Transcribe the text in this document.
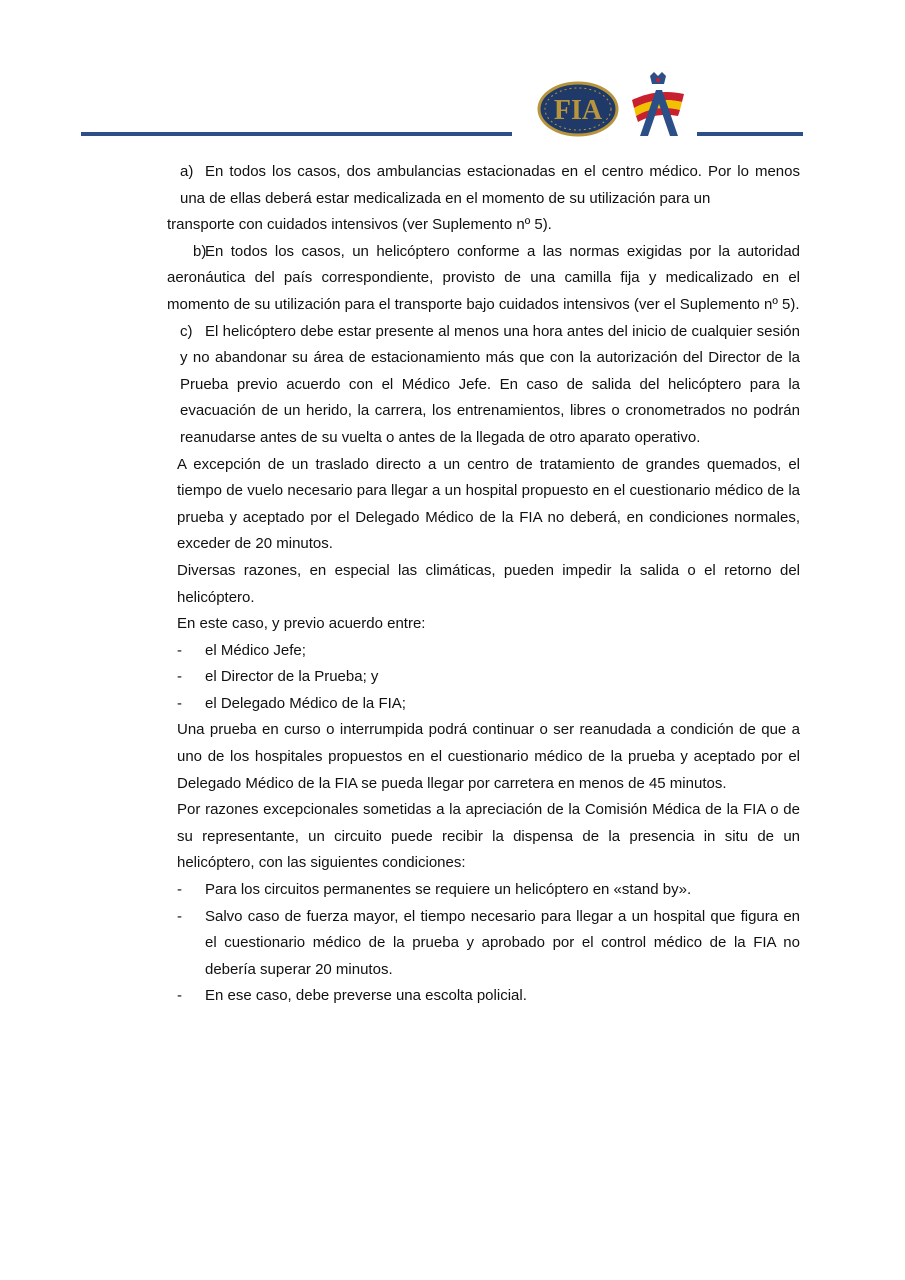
FIA
A

a) En todos los casos, dos ambulancias estacionadas en el centro médico. Por lo menos una de ellas deberá estar medicalizada en el momento de su utilización para un

transporte con cuidados intensivos (ver Suplemento nº 5).

b)En todos los casos, un helicóptero conforme a las normas exigidas por la autoridad aeronáutica del país correspondiente, provisto de una camilla fija y medicalizado en el momento de su utilización para el transporte bajo cuidados intensivos (ver el Suplemento nº 5).

c) El helicóptero debe estar presente al menos una hora antes del inicio de cualquier sesión y no abandonar su área de estacionamiento más que con la autorización del Director de la Prueba previo acuerdo con el Médico Jefe. En caso de salida del helicóptero para la evacuación de un herido, la carrera, los entrenamientos, libres o cronometrados no podrán reanudarse antes de su vuelta o antes de la llegada de otro aparato operativo.

A excepción de un traslado directo a un centro de tratamiento de grandes quemados, el tiempo de vuelo necesario para llegar a un hospital propuesto en el cuestionario médico de la prueba y aceptado por el Delegado Médico de la FIA no deberá, en condiciones normales, exceder de 20 minutos.

Diversas razones, en especial las climáticas, pueden impedir la salida o el retorno del helicóptero.

En este caso, y previo acuerdo entre:

- el Médico Jefe;

- el Director de la Prueba; y

- el Delegado Médico de la FIA;

Una prueba en curso o interrumpida podrá continuar o ser reanudada a condición de que a uno de los hospitales propuestos en el cuestionario médico de la prueba y aceptado por el Delegado Médico de la FIA se pueda llegar por carretera en menos de 45 minutos.

Por razones excepcionales sometidas a la apreciación de la Comisión Médica de la FIA o de su representante, un circuito puede recibir la dispensa de la presencia in situ de un helicóptero, con las siguientes condiciones:

- Para los circuitos permanentes se requiere un helicóptero en «stand by».

- Salvo caso de fuerza mayor, el tiempo necesario para llegar a un hospital que figura en el cuestionario médico de la prueba y aprobado por el control médico de la FIA no debería superar 20 minutos.

- En ese caso, debe preverse una escolta policial.
